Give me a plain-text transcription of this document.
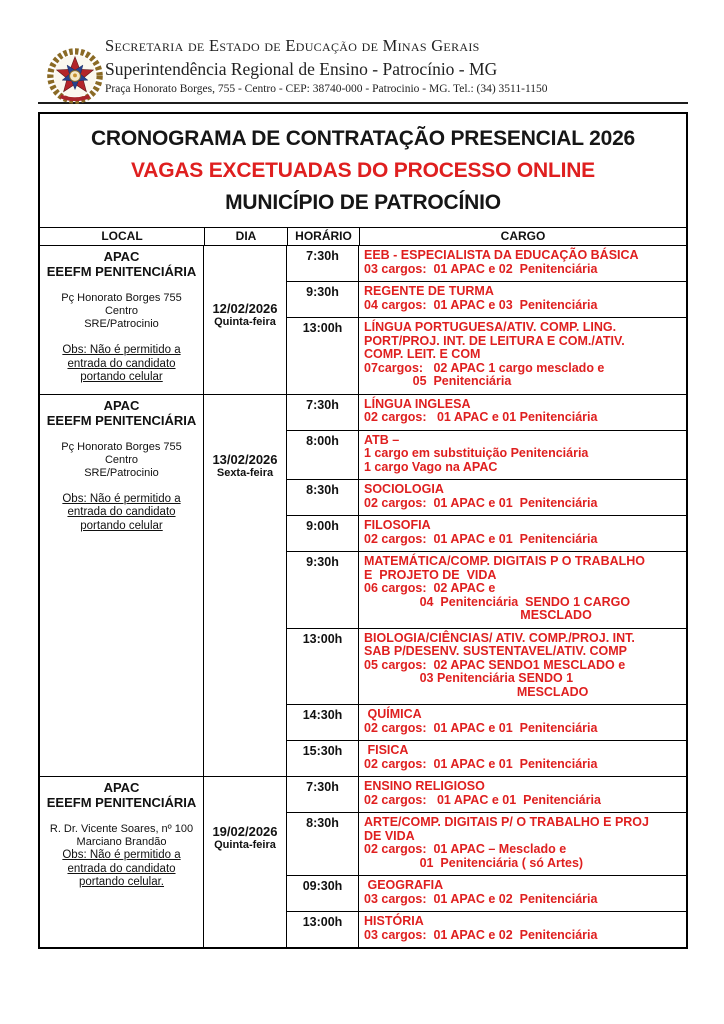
Secretaria de Estado de Educação de Minas Gerais
Superintendência Regional de Ensino - Patrocínio - MG
Praça Honorato Borges, 755 - Centro - CEP: 38740-000 - Patrocinio - MG. Tel.: (34) 3511-1150
CRONOGRAMA DE CONTRATAÇÃO PRESENCIAL 2026
VAGAS EXCETUADAS DO PROCESSO ONLINE
MUNICÍPIO DE PATROCÍNIO
LOCAL	DIA	HORÁRIO	CARGO
APAC
EEEFM PENITENCIÁRIA
Pç Honorato Borges 755
Centro
SRE/Patrocinio
Obs: Não é permitido a
entrada do candidato
portando celular
12/02/2026
Quinta-feira
7:30h	EEB - ESPECIALISTA DA EDUCAÇÃO BÁSICA
03 cargos:  01 APAC e 02  Penitenciária
9:30h	REGENTE DE TURMA
04 cargos:  01 APAC e 03  Penitenciária
13:00h	LÍNGUA PORTUGUESA/ATIV. COMP. LING.
PORT/PROJ. INT. DE LEITURA E COM./ATIV.
COMP. LEIT. E COM
07cargos:   02 APAC 1 cargo mesclado e
05  Penitenciária
APAC
EEEFM PENITENCIÁRIA
Pç Honorato Borges 755
Centro
SRE/Patrocinio
Obs: Não é permitido a
entrada do candidato
portando celular
13/02/2026
Sexta-feira
7:30h	LÍNGUA INGLESA
02 cargos:   01 APAC e 01 Penitenciária
8:00h	ATB –
1 cargo em substituição Penitenciária
1 cargo Vago na APAC
8:30h	SOCIOLOGIA
02 cargos:  01 APAC e 01  Penitenciária
9:00h	FILOSOFIA
02 cargos:  01 APAC e 01  Penitenciária
9:30h	MATEMÁTICA/COMP. DIGITAIS P O TRABALHO
E  PROJETO DE  VIDA
06 cargos:  02 APAC e
04  Penitenciária  SENDO 1 CARGO
MESCLADO
13:00h	BIOLOGIA/CIÊNCIAS/ ATIV. COMP./PROJ. INT.
SAB P/DESENV. SUSTENTAVEL/ATIV. COMP
05 cargos:  02 APAC SENDO1 MESCLADO e
03 Penitenciária SENDO 1
MESCLADO
14:30h	QUÍMICA
02 cargos:  01 APAC e 01  Penitenciária
15:30h	FISICA
02 cargos:  01 APAC e 01  Penitenciária
APAC
EEEFM PENITENCIÁRIA
R. Dr. Vicente Soares, nº 100
Marciano Brandão
Obs: Não é permitido a
entrada do candidato
portando celular.
19/02/2026
Quinta-feira
7:30h	ENSINO RELIGIOSO
02 cargos:   01 APAC e 01  Penitenciária
8:30h	ARTE/COMP. DIGITAIS P/ O TRABALHO E PROJ
DE VIDA
02 cargos:  01 APAC – Mesclado e
01  Penitenciária ( só Artes)
09:30h	GEOGRAFIA
03 cargos:  01 APAC e 02  Penitenciária
13:00h	HISTÓRIA
03 cargos:  01 APAC e 02  Penitenciária
